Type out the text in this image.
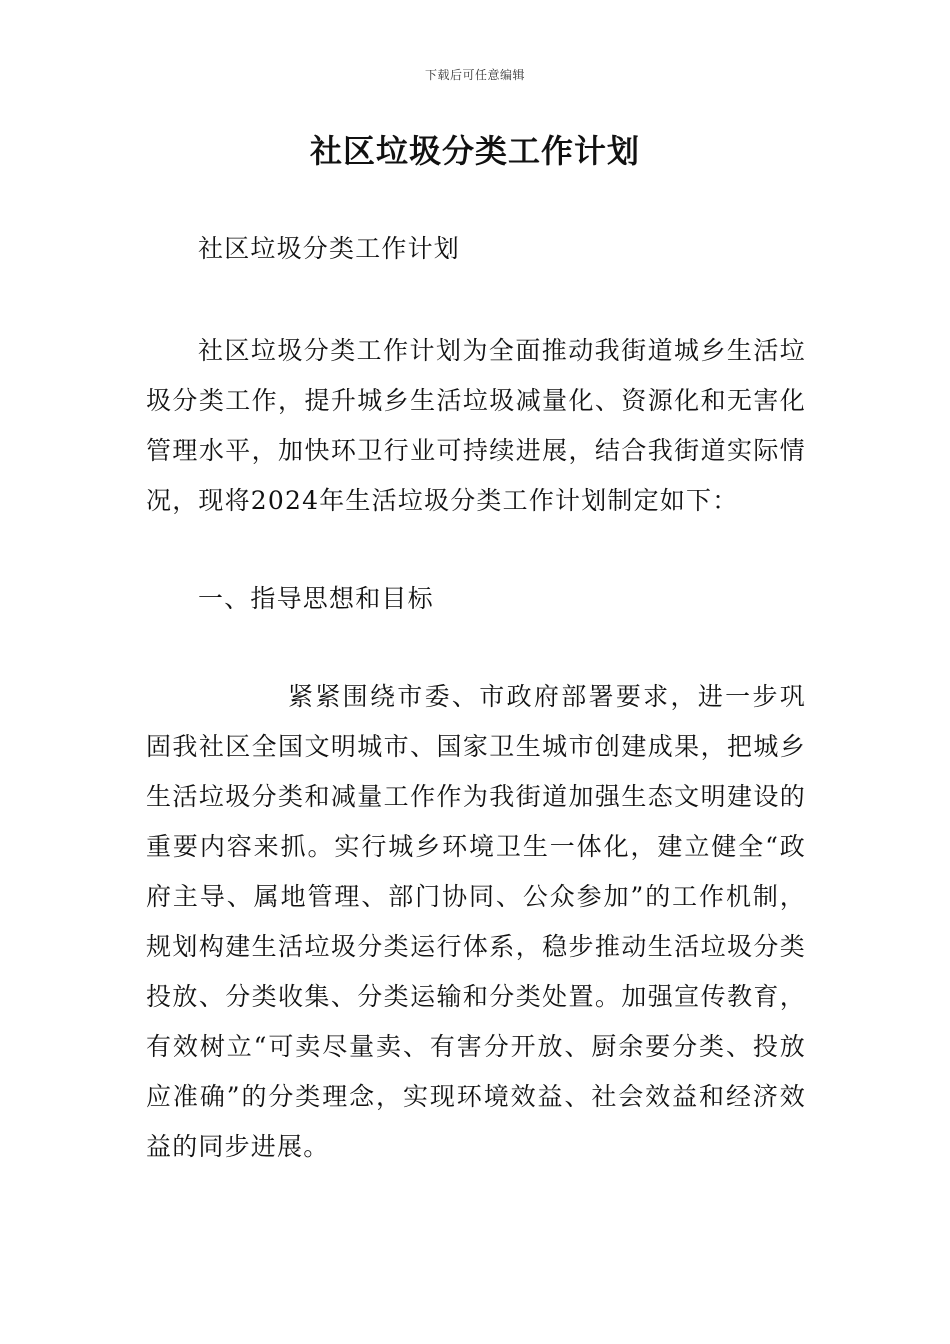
下载后可任意编辑
社区垃圾分类工作计划

社区垃圾分类工作计划

社区垃圾分类工作计划为全面推动我街道城乡生活垃圾分类工作，提升城乡生活垃圾减量化、资源化和无害化管理水平，加快环卫行业可持续进展，结合我街道实际情况，现将2024年生活垃圾分类工作计划制定如下：

一、指导思想和目标

紧紧围绕市委、市政府部署要求，进一步巩固我社区全国文明城市、国家卫生城市创建成果，把城乡生活垃圾分类和减量工作作为我街道加强生态文明建设的重要内容来抓。实行城乡环境卫生一体化，建立健全“政府主导、属地管理、部门协同、公众参加”的工作机制，规划构建生活垃圾分类运行体系，稳步推动生活垃圾分类投放、分类收集、分类运输和分类处置。加强宣传教育，有效树立“可卖尽量卖、有害分开放、厨余要分类、投放应准确”的分类理念，实现环境效益、社会效益和经济效益的同步进展。
